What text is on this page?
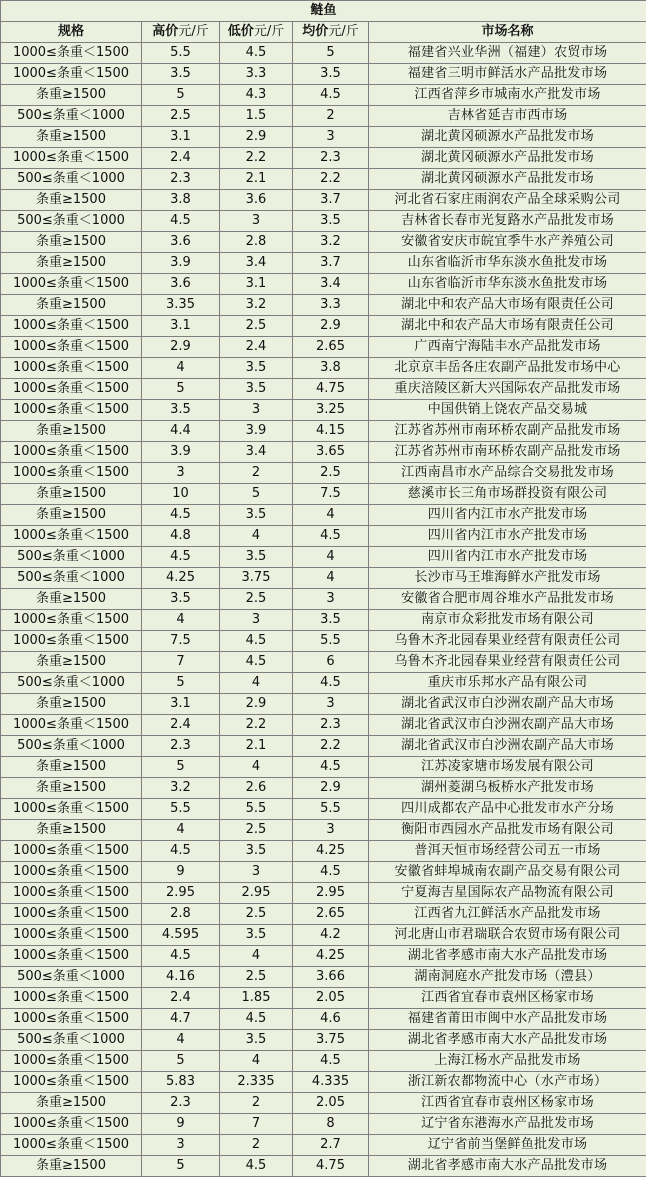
鲢鱼				
规格	高价元/斤	低价元/斤	均价元/斤	市场名称
1000≤条重＜1500	5.5	4.5	5	福建省兴业华洲（福建）农贸市场
1000≤条重＜1500	3.5	3.3	3.5	福建省三明市鲜活水产品批发市场
条重≥1500	5	4.3	4.5	江西省萍乡市城南水产批发市场
500≤条重＜1000	2.5	1.5	2	吉林省延吉市西市场
条重≥1500	3.1	2.9	3	湖北黄冈硕源水产品批发市场
1000≤条重＜1500	2.4	2.2	2.3	湖北黄冈硕源水产品批发市场
500≤条重＜1000	2.3	2.1	2.2	湖北黄冈硕源水产品批发市场
条重≥1500	3.8	3.6	3.7	河北省石家庄雨润农产品全球采购公司
500≤条重＜1000	4.5	3	3.5	吉林省长春市光复路水产品批发市场
条重≥1500	3.6	2.8	3.2	安徽省安庆市皖宜季牛水产养殖公司
条重≥1500	3.9	3.4	3.7	山东省临沂市华东淡水鱼批发市场
1000≤条重＜1500	3.6	3.1	3.4	山东省临沂市华东淡水鱼批发市场
条重≥1500	3.35	3.2	3.3	湖北中和农产品大市场有限责任公司
1000≤条重＜1500	3.1	2.5	2.9	湖北中和农产品大市场有限责任公司
1000≤条重＜1500	2.9	2.4	2.65	广西南宁海陆丰水产品批发市场
1000≤条重＜1500	4	3.5	3.8	北京京丰岳各庄农副产品批发市场中心
1000≤条重＜1500	5	3.5	4.75	重庆涪陵区新大兴国际农产品批发市场
1000≤条重＜1500	3.5	3	3.25	中国供销上饶农产品交易城
条重≥1500	4.4	3.9	4.15	江苏省苏州市南环桥农副产品批发市场
1000≤条重＜1500	3.9	3.4	3.65	江苏省苏州市南环桥农副产品批发市场
1000≤条重＜1500	3	2	2.5	江西南昌市水产品综合交易批发市场
条重≥1500	10	5	7.5	慈溪市长三角市场群投资有限公司
条重≥1500	4.5	3.5	4	四川省内江市水产批发市场
1000≤条重＜1500	4.8	4	4.5	四川省内江市水产批发市场
500≤条重＜1000	4.5	3.5	4	四川省内江市水产批发市场
500≤条重＜1000	4.25	3.75	4	长沙市马王堆海鲜水产批发市场
条重≥1500	3.5	2.5	3	安徽省合肥市周谷堆水产品批发市场
1000≤条重＜1500	4	3	3.5	南京市众彩批发市场有限公司
1000≤条重＜1500	7.5	4.5	5.5	乌鲁木齐北园春果业经营有限责任公司
条重≥1500	7	4.5	6	乌鲁木齐北园春果业经营有限责任公司
500≤条重＜1000	5	4	4.5	重庆市乐邦水产品有限公司
条重≥1500	3.1	2.9	3	湖北省武汉市白沙洲农副产品大市场
1000≤条重＜1500	2.4	2.2	2.3	湖北省武汉市白沙洲农副产品大市场
500≤条重＜1000	2.3	2.1	2.2	湖北省武汉市白沙洲农副产品大市场
条重≥1500	5	4	4.5	江苏凌家塘市场发展有限公司
条重≥1500	3.2	2.6	2.9	湖州菱湖乌板桥水产批发市场
1000≤条重＜1500	5.5	5.5	5.5	四川成都农产品中心批发市水产分场
条重≥1500	4	2.5	3	衡阳市西园水产品批发市场有限公司
1000≤条重＜1500	4.5	3.5	4.25	普洱天恒市场经营公司五一市场
1000≤条重＜1500	9	3	4.5	安徽省蚌埠城南农副产品交易有限公司
1000≤条重＜1500	2.95	2.95	2.95	宁夏海吉星国际农产品物流有限公司
1000≤条重＜1500	2.8	2.5	2.65	江西省九江鲜活水产品批发市场
1000≤条重＜1500	4.595	3.5	4.2	河北唐山市君瑞联合农贸市场有限公司
1000≤条重＜1500	4.5	4	4.25	湖北省孝感市南大水产品批发市场
500≤条重＜1000	4.16	2.5	3.66	湖南洞庭水产批发市场（澧县）
1000≤条重＜1500	2.4	1.85	2.05	江西省宜春市袁州区杨家市场
1000≤条重＜1500	4.7	4.5	4.6	福建省莆田市闽中水产品批发市场
500≤条重＜1000	4	3.5	3.75	湖北省孝感市南大水产品批发市场
1000≤条重＜1500	5	4	4.5	上海江杨水产品批发市场
1000≤条重＜1500	5.83	2.335	4.335	浙江新农都物流中心（水产市场）
条重≥1500	2.3	2	2.05	江西省宜春市袁州区杨家市场
1000≤条重＜1500	9	7	8	辽宁省东港海水产品批发市场
1000≤条重＜1500	3	2	2.7	辽宁省前当堡鲜鱼批发市场
条重≥1500	5	4.5	4.75	湖北省孝感市南大水产品批发市场
